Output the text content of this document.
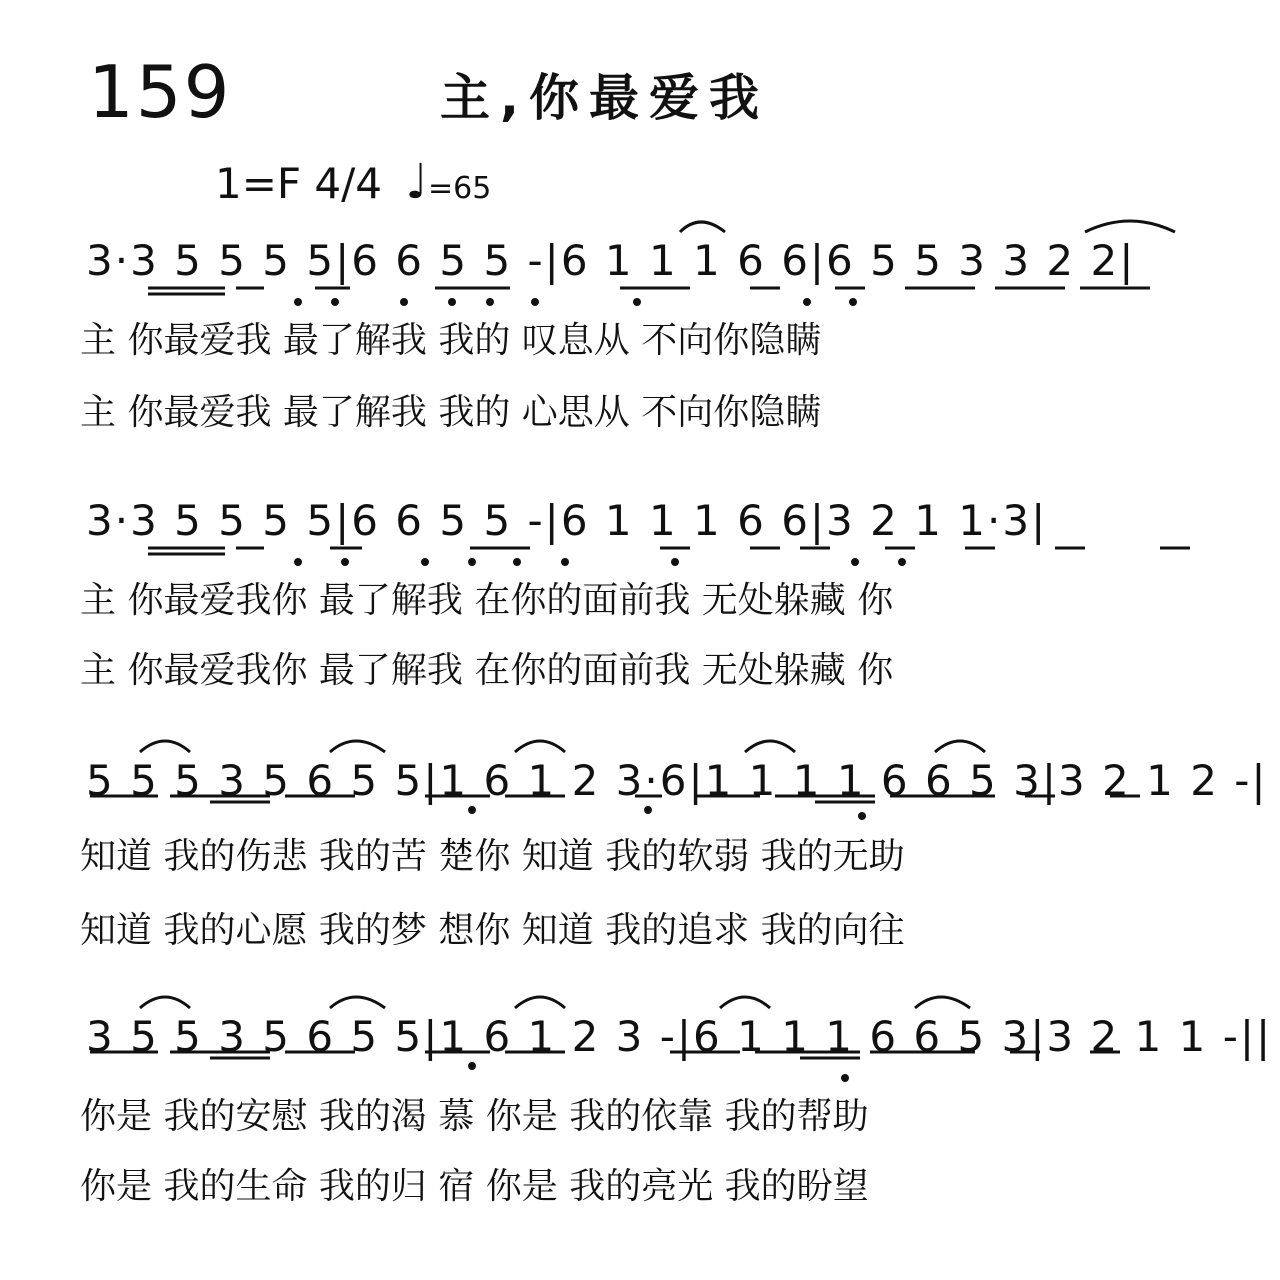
159	主,你最爱我
1=F 4/4 ♩=65
3·3 5 5 5 5|6 6 5 5 -|6 1 1 1 6 6|6 5 5 3 3 2 2|
主 你最爱我 最了解我 我的 叹息从 不向你隐瞒
主 你最爱我 最了解我 我的 心思从 不向你隐瞒
3·3 5 5 5 5|6 6 5 5 -|6 1 1 1 6 6|3 2 1 1·3|
主 你最爱我你 最了解我 在你的面前我 无处躲藏 你
主 你最爱我你 最了解我 在你的面前我 无处躲藏 你
5 5 5 3 5 6 5 5|1 6 1 2 3·6|1 1 1 1 6 6 5 3|3 2 1 2 -|
知道 我的伤悲 我的苦 楚你 知道 我的软弱 我的无助
知道 我的心愿 我的梦 想你 知道 我的追求 我的向往
3 5 5 3 5 6 5 5|1 6 1 2 3 -|6 1 1 1 6 6 5 3|3 2 1 1 -||
你是 我的安慰 我的渴 慕 你是 我的依靠 我的帮助
你是 我的生命 我的归 宿 你是 我的亮光 我的盼望
